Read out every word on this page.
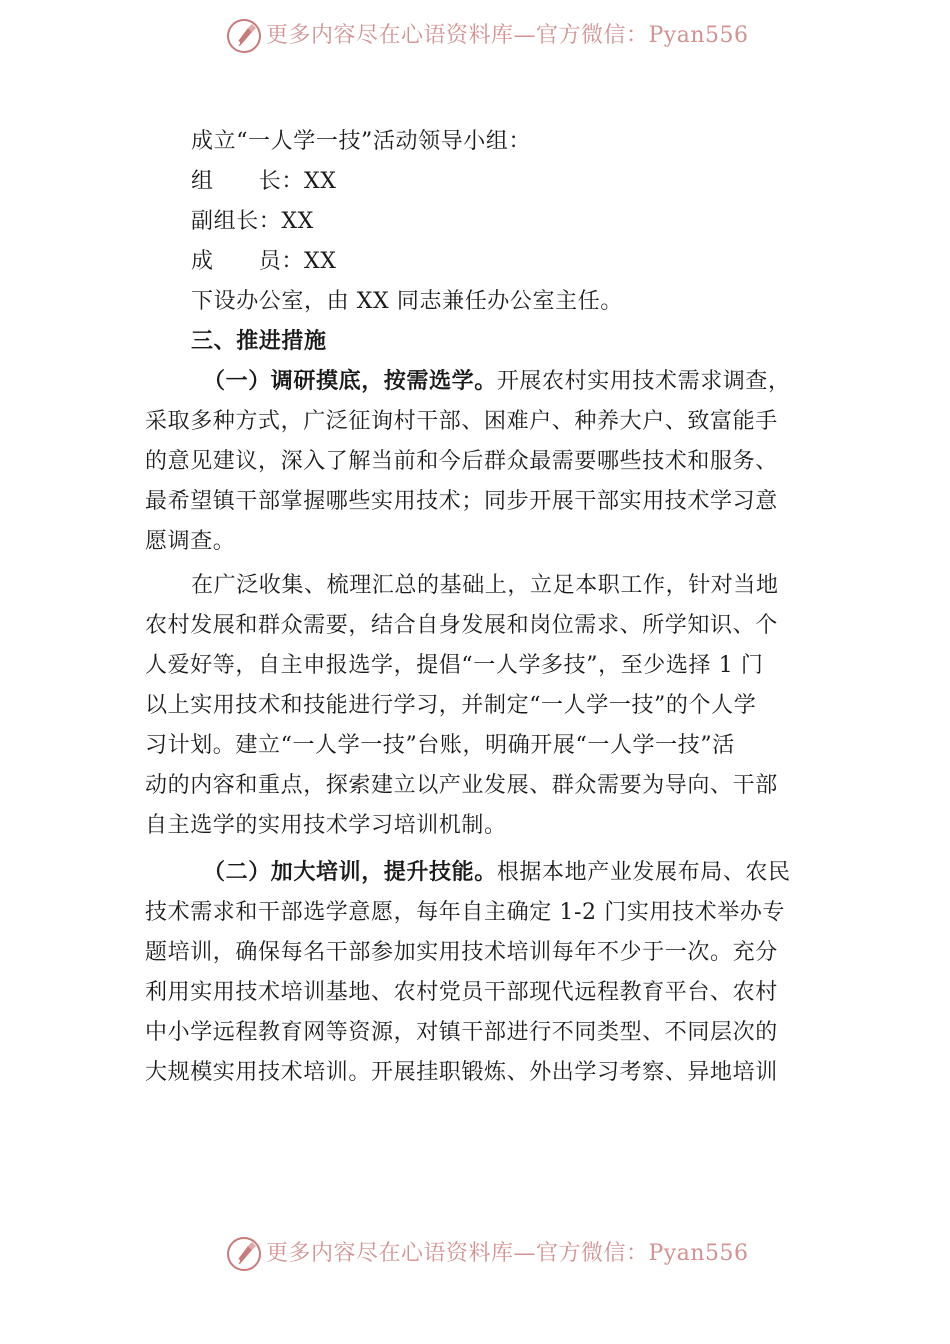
更多内容尽在心语资料库—官方微信：Pyan556
成立“一人学一技”活动领导小组：
组　　长：XX
副组长：XX
成　　员：XX
下设办公室，由 XX 同志兼任办公室主任。
三、推进措施
（一）调研摸底，按需选学。开展农村实用技术需求调查，
采取多种方式，广泛征询村干部、困难户、种养大户、致富能手
的意见建议，深入了解当前和今后群众最需要哪些技术和服务、
最希望镇干部掌握哪些实用技术；同步开展干部实用技术学习意
愿调查。
在广泛收集、梳理汇总的基础上，立足本职工作，针对当地
农村发展和群众需要，结合自身发展和岗位需求、所学知识、个
人爱好等，自主申报选学，提倡“一人学多技”，至少选择 1 门
以上实用技术和技能进行学习，并制定“一人学一技”的个人学
习计划。建立“一人学一技”台账，明确开展“一人学一技”活
动的内容和重点，探索建立以产业发展、群众需要为导向、干部
自主选学的实用技术学习培训机制。
（二）加大培训，提升技能。根据本地产业发展布局、农民
技术需求和干部选学意愿，每年自主确定 1-2 门实用技术举办专
题培训，确保每名干部参加实用技术培训每年不少于一次。充分
利用实用技术培训基地、农村党员干部现代远程教育平台、农村
中小学远程教育网等资源，对镇干部进行不同类型、不同层次的
大规模实用技术培训。开展挂职锻炼、外出学习考察、异地培训
更多内容尽在心语资料库—官方微信：Pyan556
